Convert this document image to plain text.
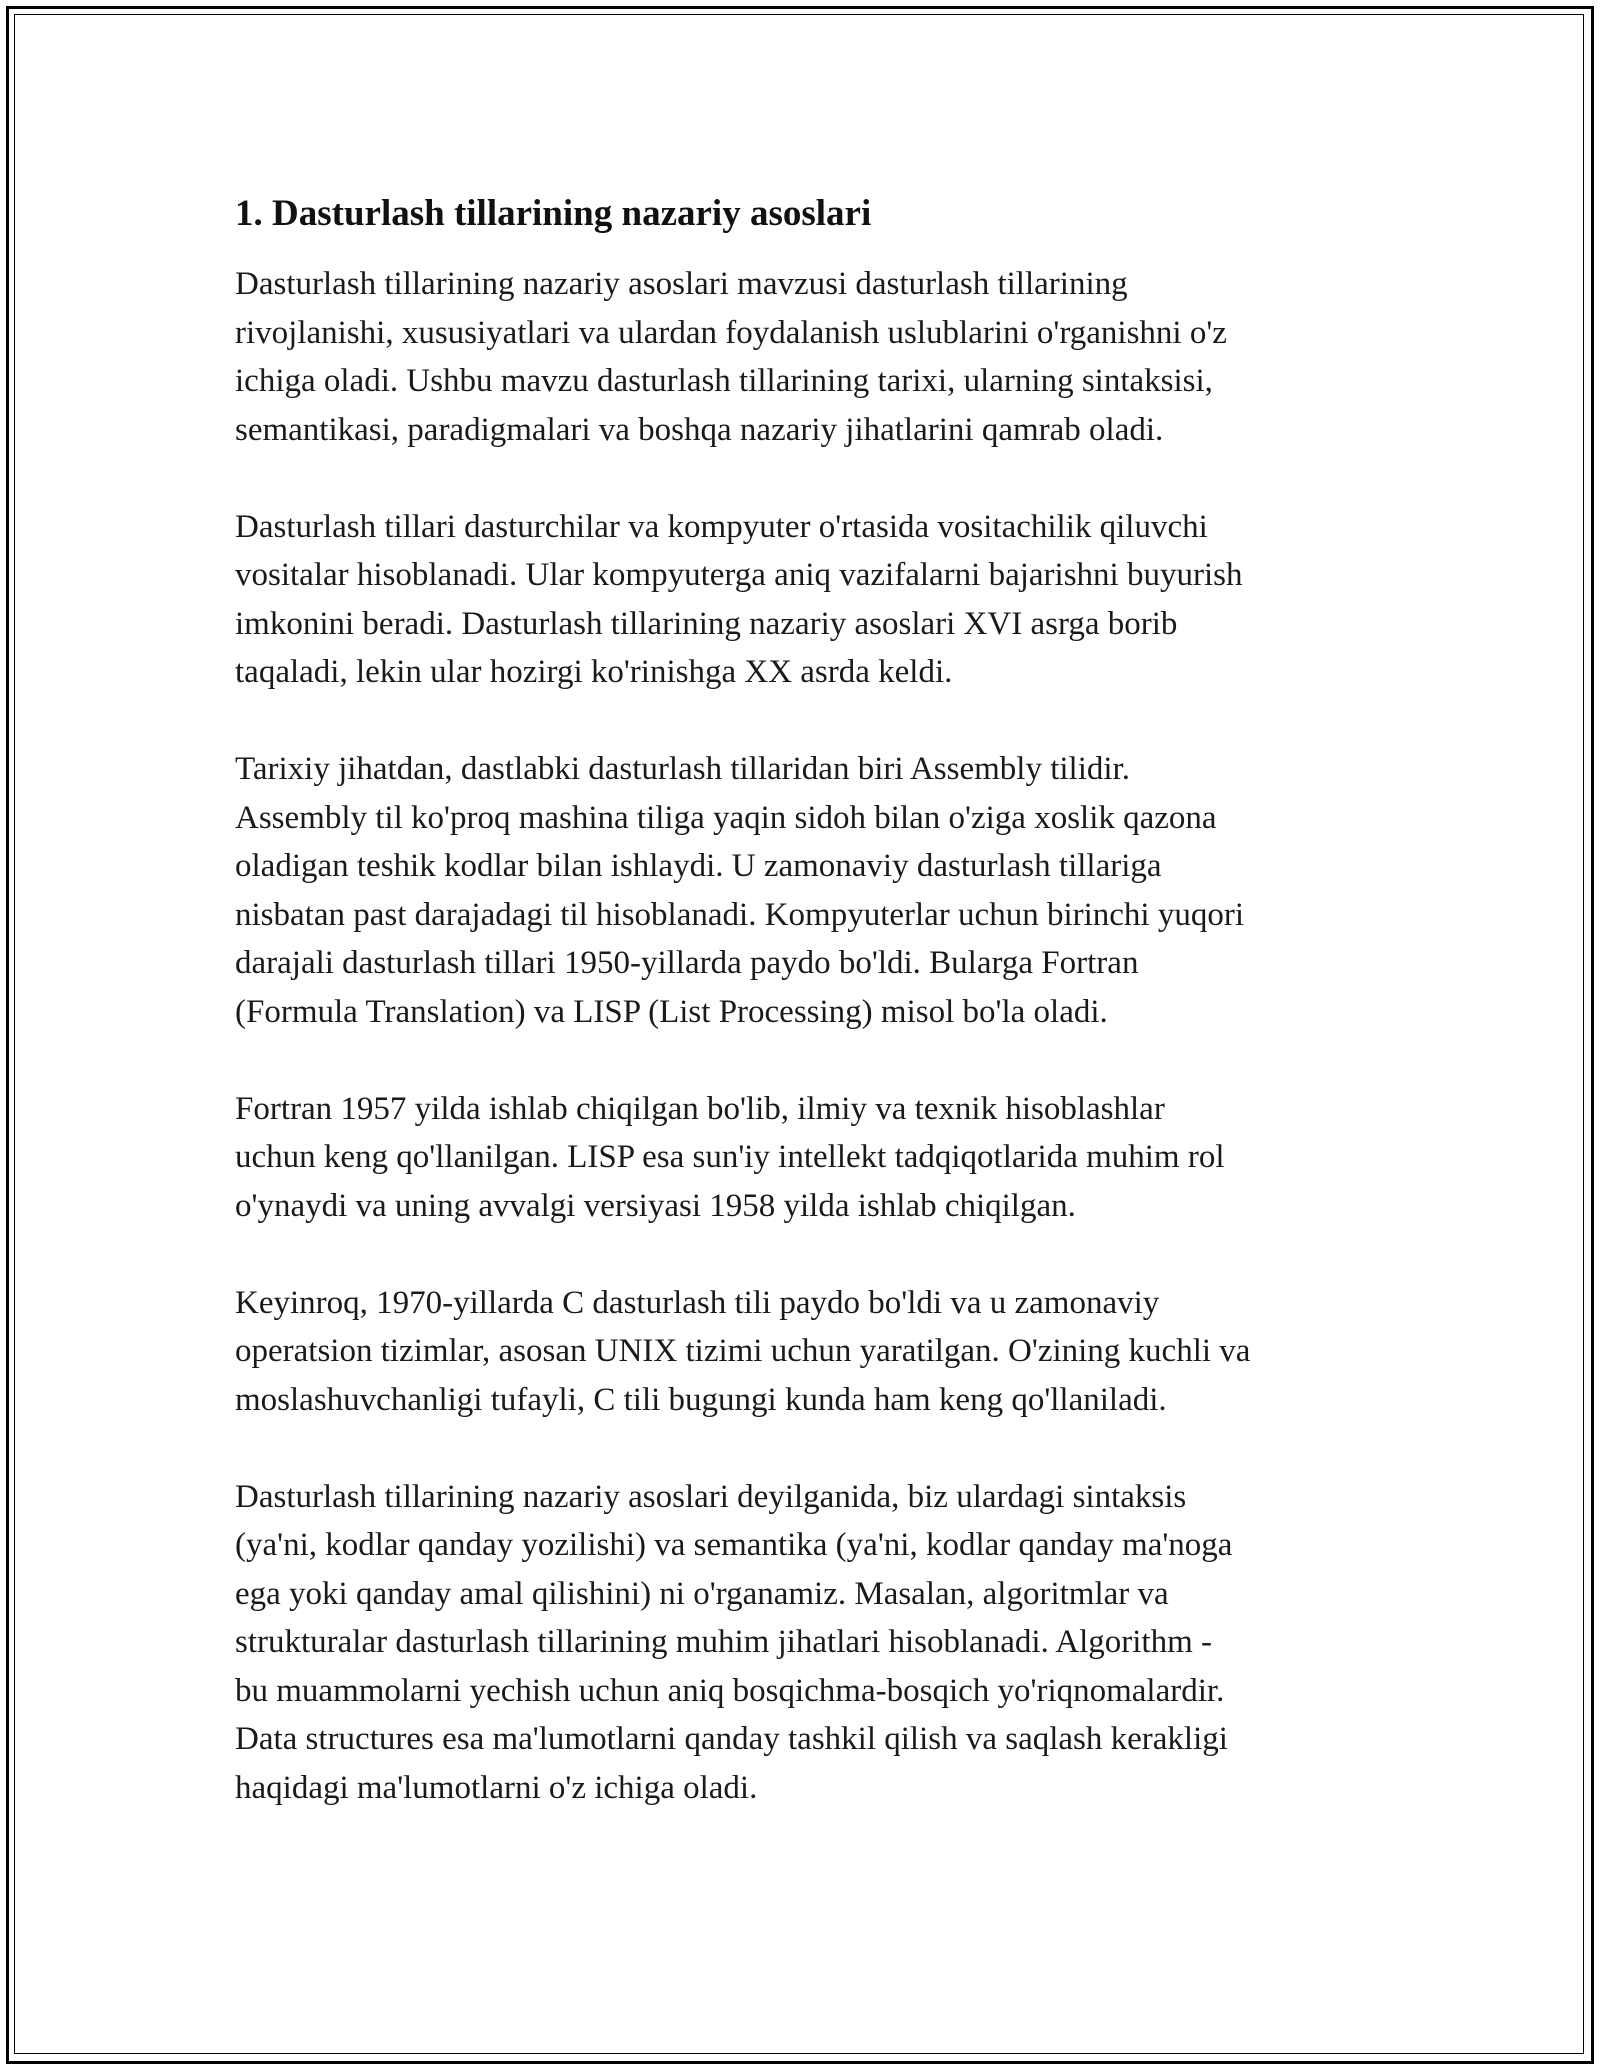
1. Dasturlash tillarining nazariy asoslari

Dasturlash tillarining nazariy asoslari mavzusi dasturlash tillarining
rivojlanishi, xususiyatlari va ulardan foydalanish uslublarini o'rganishni o'z
ichiga oladi. Ushbu mavzu dasturlash tillarining tarixi, ularning sintaksisi,
semantikasi, paradigmalari va boshqa nazariy jihatlarini qamrab oladi.

Dasturlash tillari dasturchilar va kompyuter o'rtasida vositachilik qiluvchi
vositalar hisoblanadi. Ular kompyuterga aniq vazifalarni bajarishni buyurish
imkonini beradi. Dasturlash tillarining nazariy asoslari XVI asrga borib
taqaladi, lekin ular hozirgi ko'rinishga XX asrda keldi.

Tarixiy jihatdan, dastlabki dasturlash tillaridan biri Assembly tilidir.
Assembly til ko'proq mashina tiliga yaqin sidoh bilan o'ziga xoslik qazona
oladigan teshik kodlar bilan ishlaydi. U zamonaviy dasturlash tillariga
nisbatan past darajadagi til hisoblanadi. Kompyuterlar uchun birinchi yuqori
darajali dasturlash tillari 1950-yillarda paydo bo'ldi. Bularga Fortran
(Formula Translation) va LISP (List Processing) misol bo'la oladi.

Fortran 1957 yilda ishlab chiqilgan bo'lib, ilmiy va texnik hisoblashlar
uchun keng qo'llanilgan. LISP esa sun'iy intellekt tadqiqotlarida muhim rol
o'ynaydi va uning avvalgi versiyasi 1958 yilda ishlab chiqilgan.

Keyinroq, 1970-yillarda C dasturlash tili paydo bo'ldi va u zamonaviy
operatsion tizimlar, asosan UNIX tizimi uchun yaratilgan. O'zining kuchli va
moslashuvchanligi tufayli, C tili bugungi kunda ham keng qo'llaniladi.

Dasturlash tillarining nazariy asoslari deyilganida, biz ulardagi sintaksis
(ya'ni, kodlar qanday yozilishi) va semantika (ya'ni, kodlar qanday ma'noga
ega yoki qanday amal qilishini) ni o'rganamiz. Masalan, algoritmlar va
strukturalar dasturlash tillarining muhim jihatlari hisoblanadi. Algorithm -
bu muammolarni yechish uchun aniq bosqichma-bosqich yo'riqnomalardir.
Data structures esa ma'lumotlarni qanday tashkil qilish va saqlash kerakligi
haqidagi ma'lumotlarni o'z ichiga oladi.
